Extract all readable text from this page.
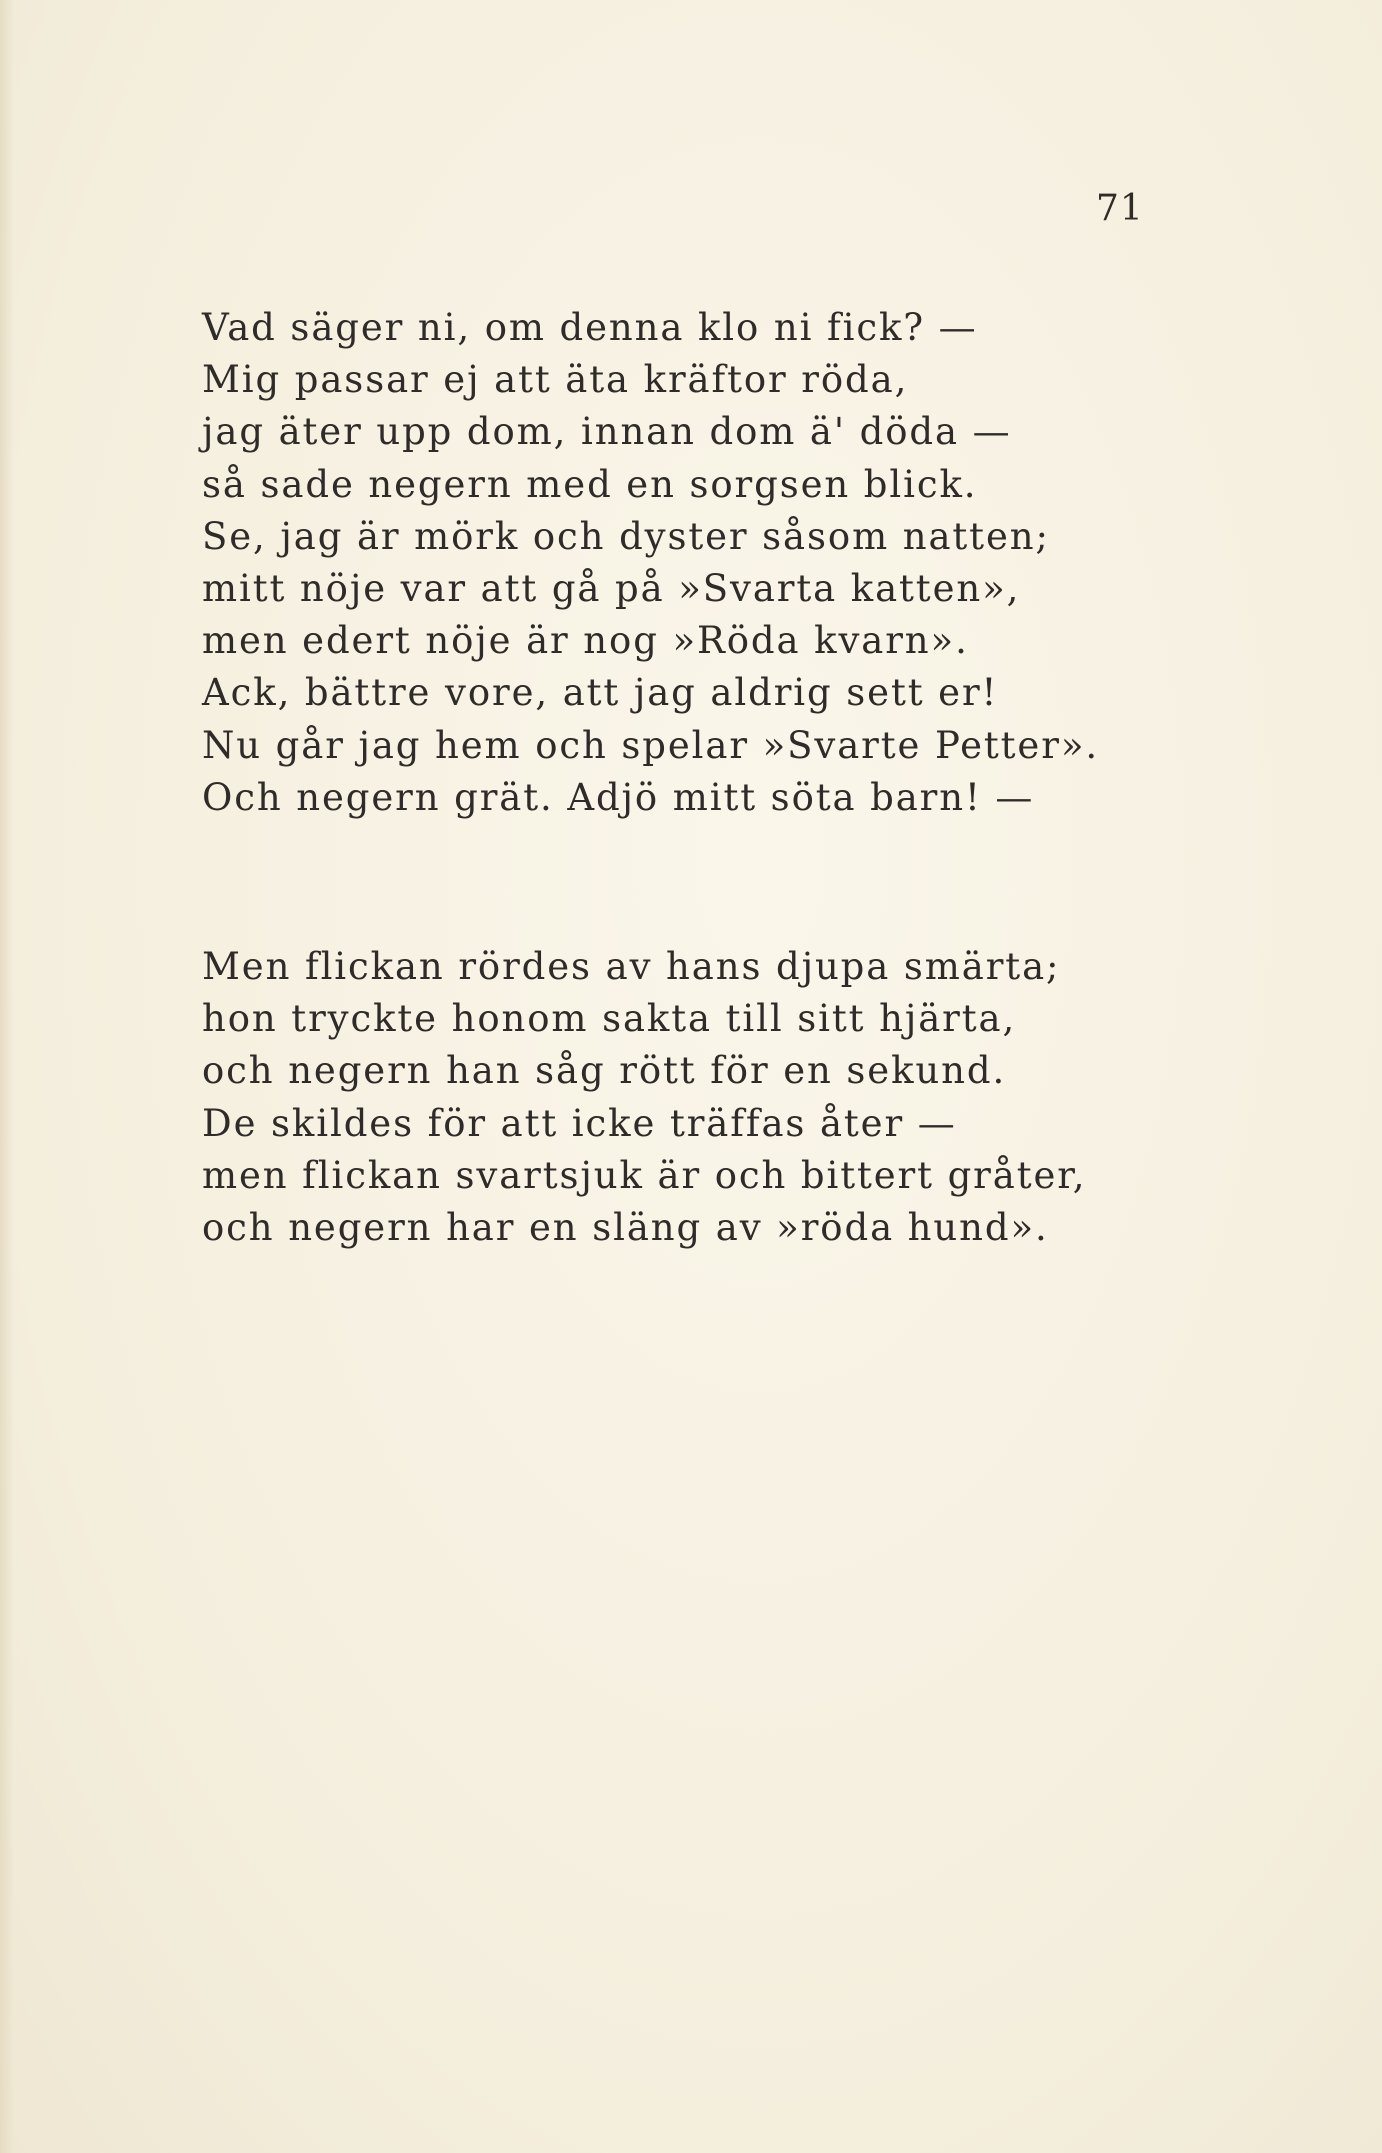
71
Vad säger ni, om denna klo ni fick? —
Mig passar ej att äta kräftor röda,
jag äter upp dom, innan dom ä' döda —
så sade negern med en sorgsen blick.
Se, jag är mörk och dyster såsom natten;
mitt nöje var att gå på »Svarta katten»,
men edert nöje är nog »Röda kvarn».
Ack, bättre vore, att jag aldrig sett er!
Nu går jag hem och spelar »Svarte Petter».
Och negern grät. Adjö mitt söta barn! —
Men flickan rördes av hans djupa smärta;
hon tryckte honom sakta till sitt hjärta,
och negern han såg rött för en sekund.
De skildes för att icke träffas åter —
men flickan svartsjuk är och bittert gråter,
och negern har en släng av »röda hund».
